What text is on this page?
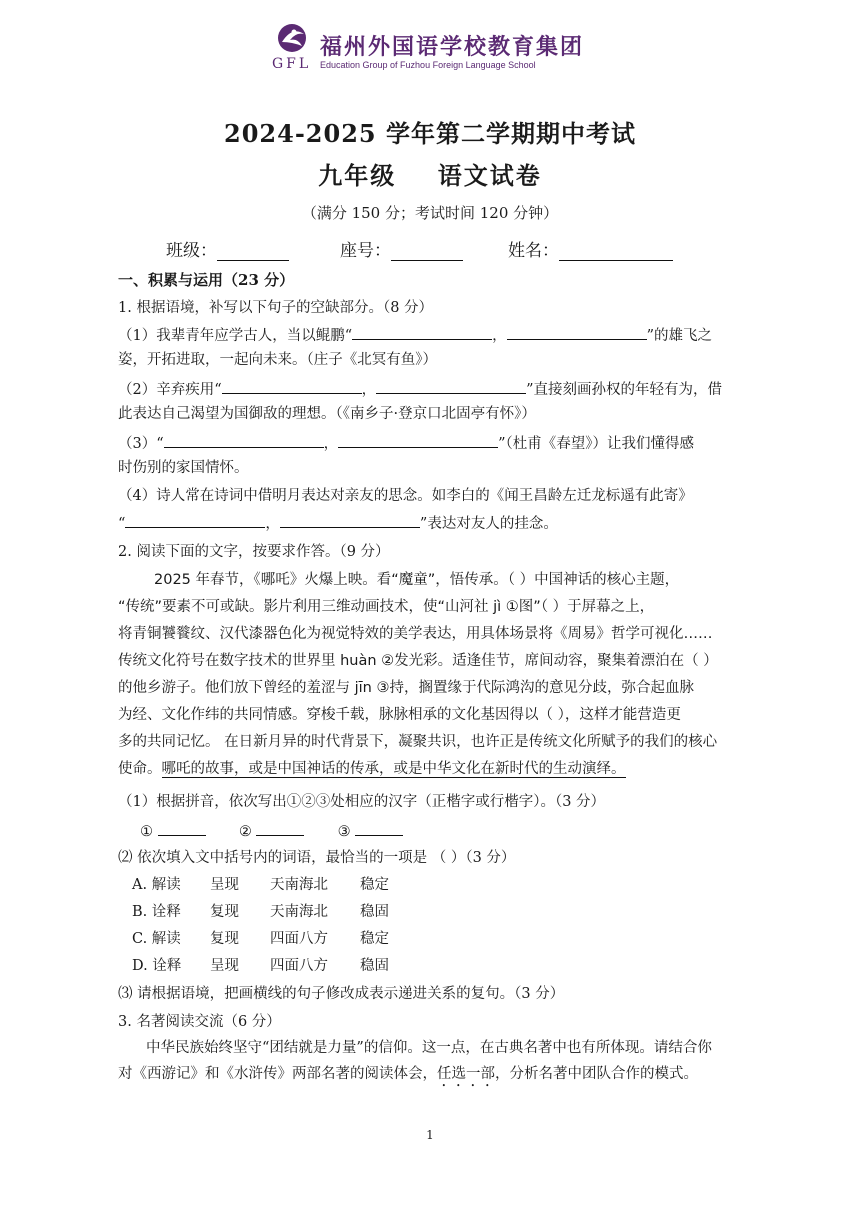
福州外国语学校教育集团
GFL Education Group of Fuzhou Foreign Language School
2024-2025 学年第二学期期中考试
九年级    语文试卷
（满分 150 分；考试时间 120 分钟）
班级：	座号：	姓名：
一、积累与运用（23 分）
1. 根据语境，补写以下句子的空缺部分。（8 分）
（1）我辈青年应学古人，当以鲲鹏“	，	”的雄飞之
姿，开拓进取，一起向未来。（庄子《北冥有鱼》）
（2）辛弃疾用“	，	”直接刻画孙权的年轻有为，借
此表达自己渴望为国御敌的理想。（《南乡子·登京口北固亭有怀》）
（3）“	，	”（杜甫《春望》）让我们懂得感
时伤别的家国情怀。
（4）诗人常在诗词中借明月表达对亲友的思念。如李白的《闻王昌龄左迁龙标遥有此寄》
“	，	”表达对友人的挂念。
2. 阅读下面的文字，按要求作答。（9 分）
2025 年春节，《哪吒》火爆上映。看“魔童”，悟传承。（ ）中国神话的核心主题，
“传统”要素不可或缺。影片利用三维动画技术，使“山河社 jì ①图”（ ）于屏幕之上，
将青铜饕餮纹、汉代漆器色化为视觉特效的美学表达，用具体场景将《周易》哲学可视化……
传统文化符号在数字技术的世界里 huàn ②发光彩。适逢佳节，席间动容，聚集着漂泊在（ ）
的他乡游子。他们放下曾经的羞涩与 jīn ③持，搁置缘于代际鸿沟的意见分歧，弥合起血脉
为经、文化作纬的共同情感。穿梭千载，脉脉相承的文化基因得以（ ），这样才能营造更
多的共同记忆。 在日新月异的时代背景下，凝聚共识，也许正是传统文化所赋予的我们的核心
使命。哪吒的故事，或是中国神话的传承，或是中华文化在新时代的生动演绎。
（1）根据拼音，依次写出①②③处相应的汉字（正楷字或行楷字）。（3 分）
①	②	③
⑵ 依次填入文中括号内的词语，最恰当的一项是 （ ）（3 分）
A. 解读 呈现 天南海北 稳定
B. 诠释 复现 天南海北 稳固
C. 解读 复现 四面八方 稳定
D. 诠释 呈现 四面八方 稳固
⑶ 请根据语境，把画横线的句子修改成表示递进关系的复句。（3 分）
3. 名著阅读交流（6 分）
中华民族始终坚守“团结就是力量”的信仰。这一点，在古典名著中也有所体现。请结合你
对《西游记》和《水浒传》两部名著的阅读体会，任选一部，分析名著中团队合作的模式。
1
